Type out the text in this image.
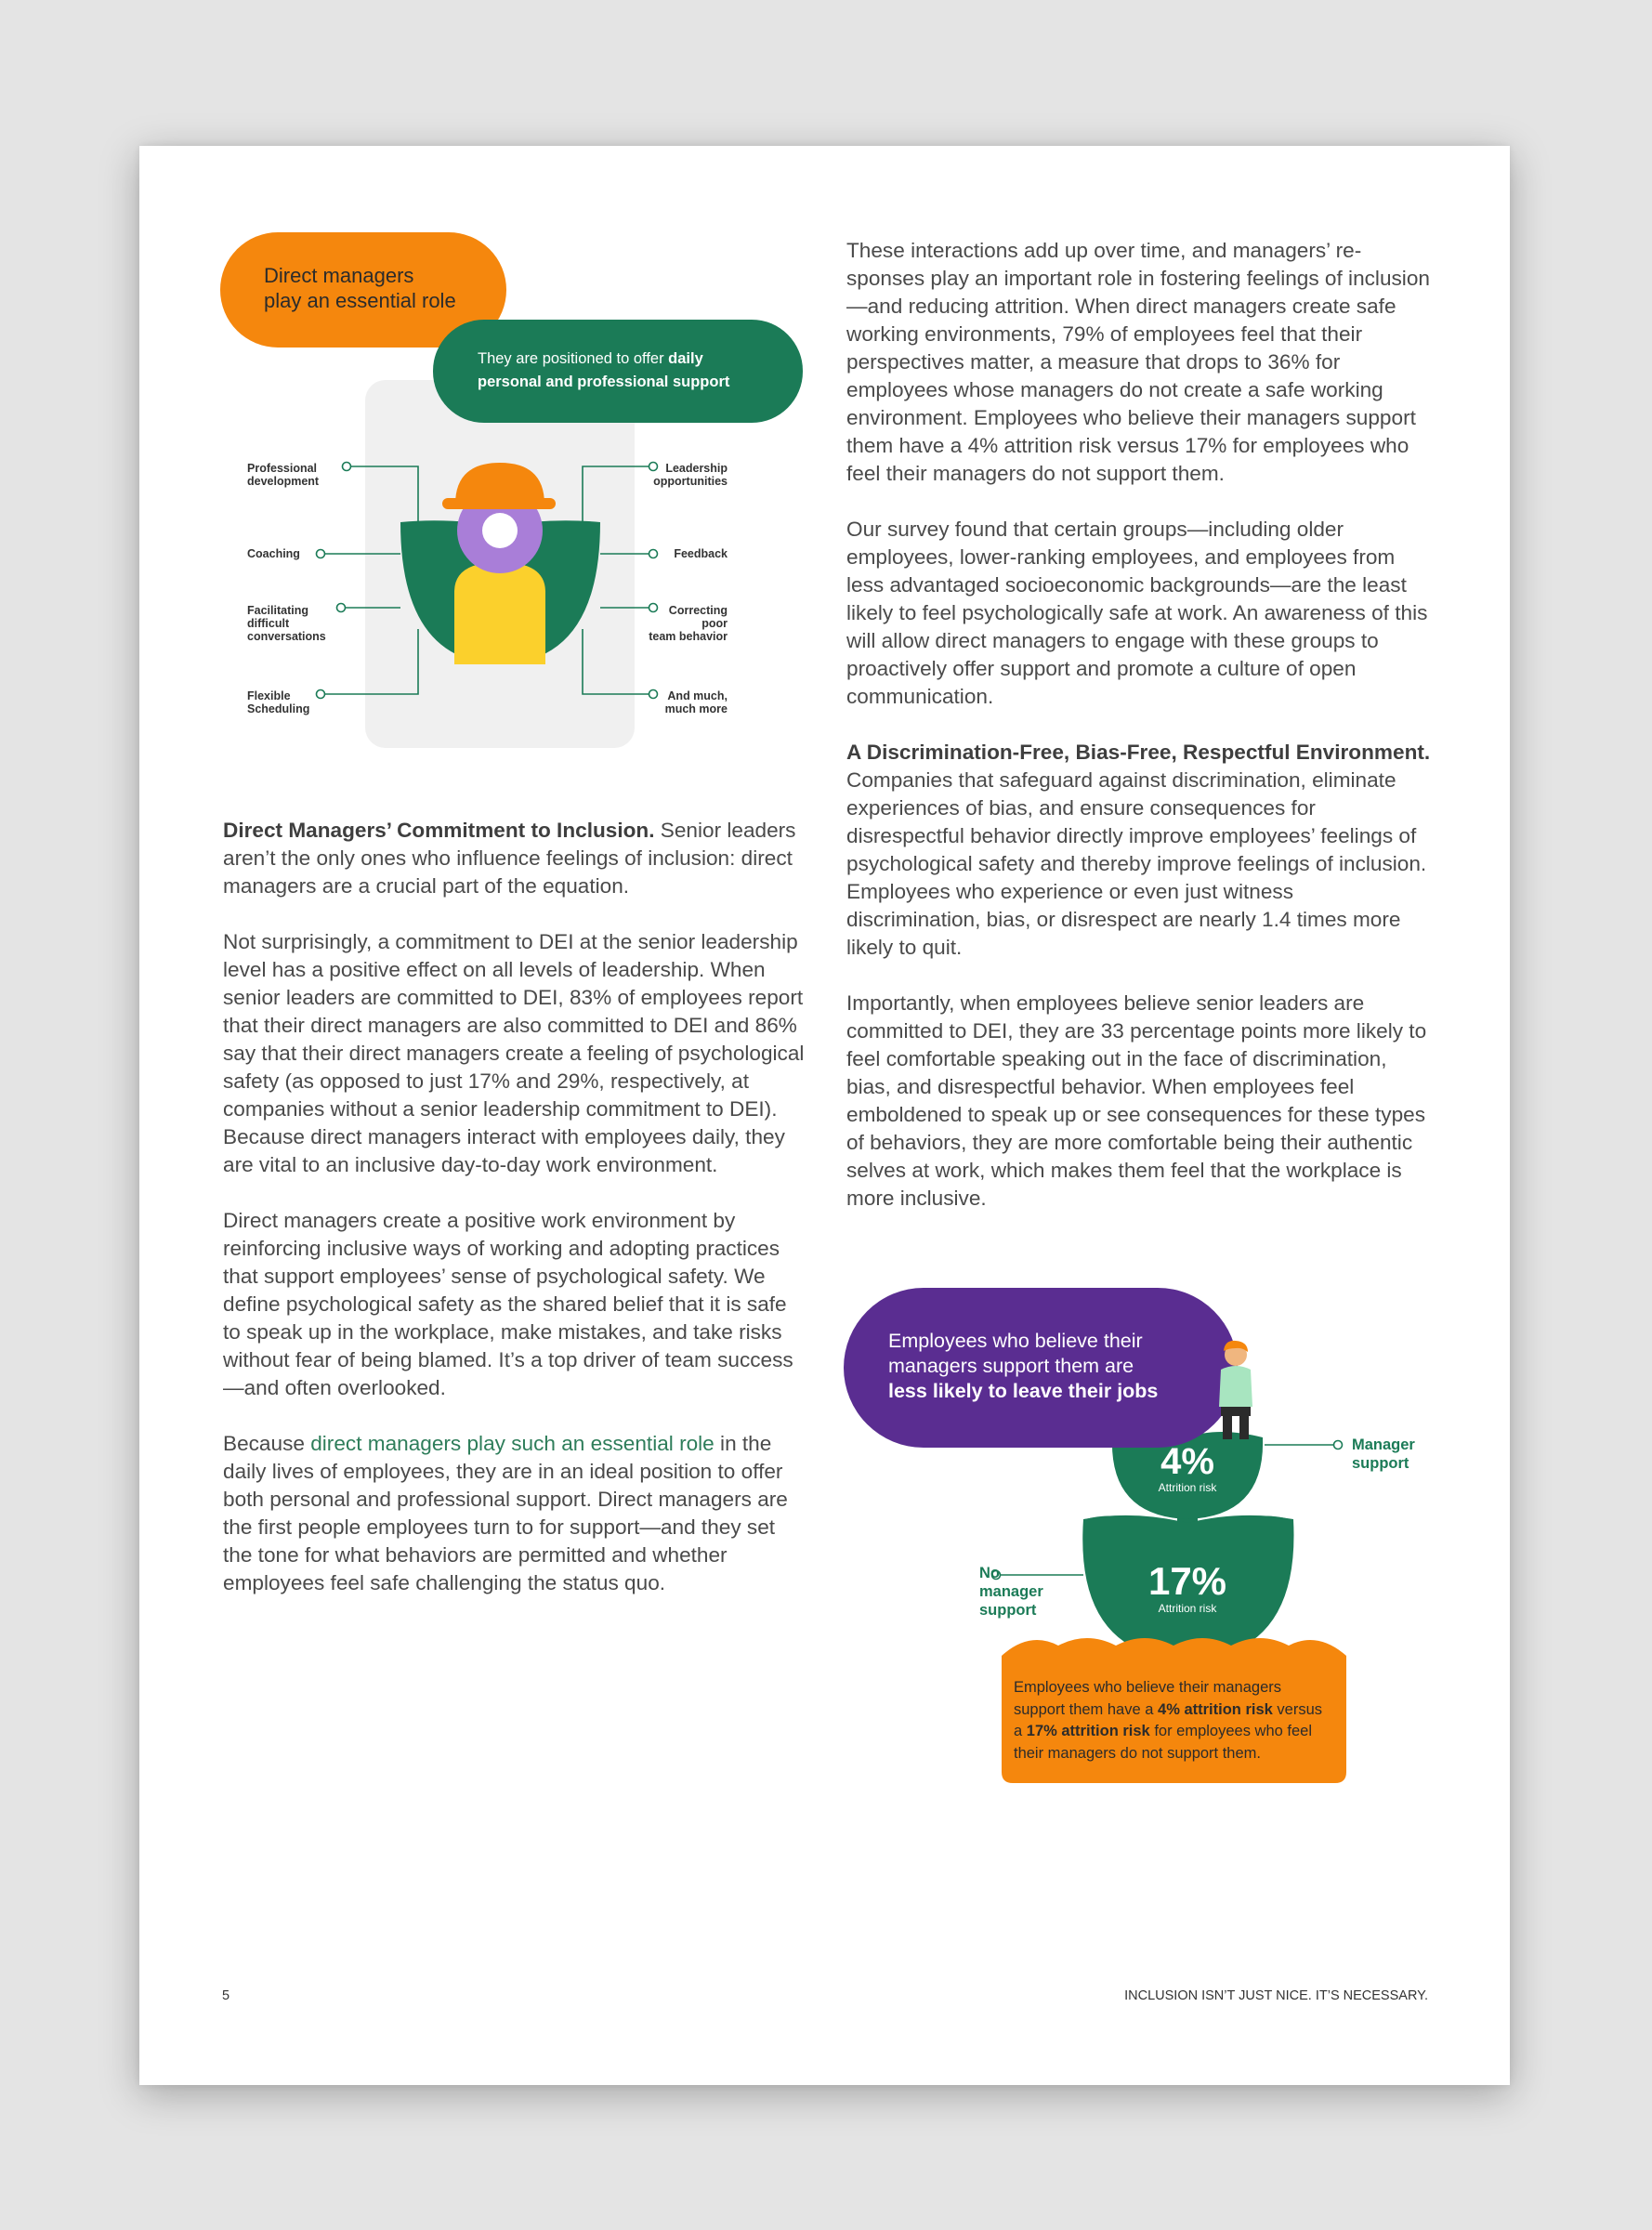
Direct managers
play an essential role
They are positioned to offer daily
personal and professional support
Professional
development
Coaching
Facilitating
difficult
conversations
Flexible
Scheduling
Leadership
opportunities
Feedback
Correcting
poor
team behavior
And much,
much more

Direct Managers’ Commitment to Inclusion. Senior leaders aren’t the only ones who influence feelings of inclusion: direct managers are a crucial part of the equation.

Not surprisingly, a commitment to DEI at the senior leadership level has a positive effect on all levels of leadership. When senior leaders are committed to DEI, 83% of employees report that their direct managers are also committed to DEI and 86% say that their direct managers create a feeling of psychological safety (as opposed to just 17% and 29%, respectively, at companies without a senior leadership commitment to DEI). Because direct managers interact with employees daily, they are vital to an inclusive day-to-day work environment.

Direct managers create a positive work environment by reinforcing inclusive ways of working and adopting practices that support employees’ sense of psychological safety. We define psychological safety as the shared belief that it is safe to speak up in the workplace, make mistakes, and take risks without fear of being blamed. It’s a top driver of team success—and often overlooked.

Because direct managers play such an essential role in the daily lives of employees, they are in an ideal position to offer both personal and professional support. Direct managers are the first people employees turn to for support—and they set the tone for what behaviors are permitted and whether employees feel safe challenging the status quo.

These interactions add up over time, and managers’ responses play an important role in fostering feelings of inclusion—and reducing attrition. When direct managers create safe working environments, 79% of employees feel that their perspectives matter, a measure that drops to 36% for employees whose managers do not create a safe working environment. Employees who believe their managers support them have a 4% attrition risk versus 17% for employees who feel their managers do not support them.

Our survey found that certain groups—including older employees, lower-ranking employees, and employees from less advantaged socioeconomic backgrounds—are the least likely to feel psychologically safe at work. An awareness of this will allow direct managers to engage with these groups to proactively offer support and promote a culture of open communication.

A Discrimination-Free, Bias-Free, Respectful Environment. Companies that safeguard against discrimination, eliminate experiences of bias, and ensure consequences for disrespectful behavior directly improve employees’ feelings of psychological safety and thereby improve feelings of inclusion. Employees who experience or even just witness discrimination, bias, or disrespect are nearly 1.4 times more likely to quit.

Importantly, when employees believe senior leaders are committed to DEI, they are 33 percentage points more likely to feel comfortable speaking out in the face of discrimination, bias, and disrespectful behavior. When employees feel emboldened to speak up or see consequences for these types of behaviors, they are more comfortable being their authentic selves at work, which makes them feel that the workplace is more inclusive.

Employees who believe their
managers support them are
less likely to leave their jobs
4%
Attrition risk
17%
Attrition risk
Manager
support
No
manager
support
Employees who believe their managers support them have a 4% attrition risk versus a 17% attrition risk for employees who feel their managers do not support them.
5	INCLUSION ISN’T JUST NICE. IT’S NECESSARY.
